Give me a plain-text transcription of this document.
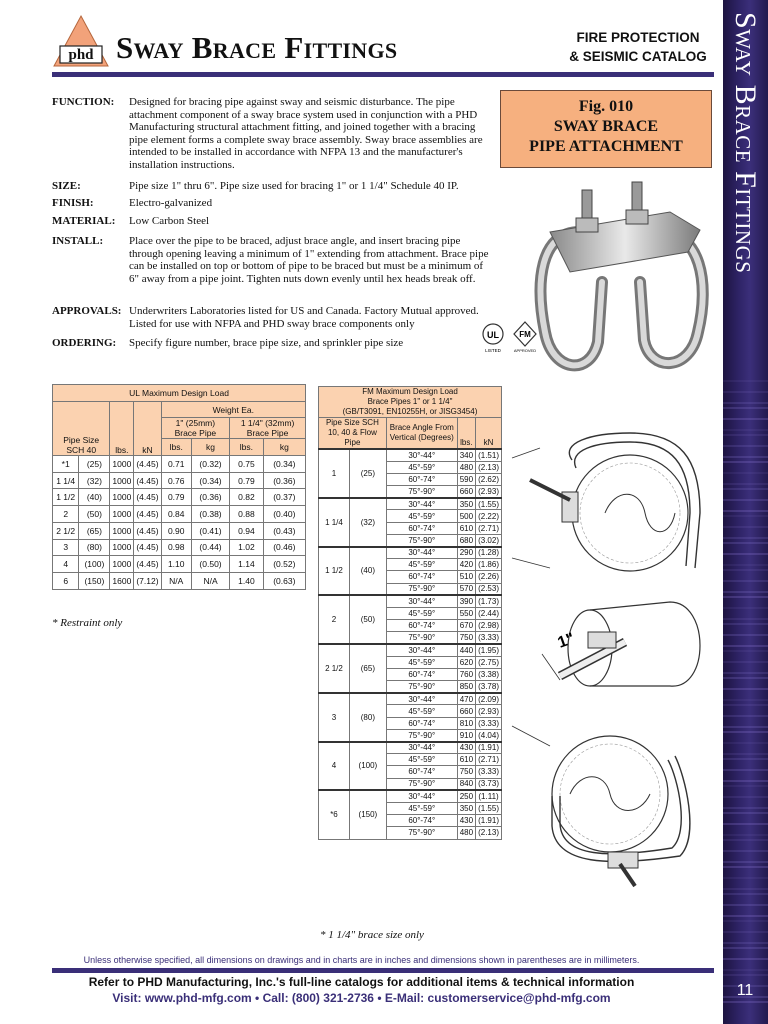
Sway Brace Fittings
11
phd Sway Brace Fittings	FIRE PROTECTION
& SEISMIC CATALOG
FUNCTION:	Designed for bracing pipe against sway and seismic disturbance. The pipe attachment component of a sway brace system used in conjunction with a PHD Manufacturing structural attachment fitting, and joined together with a bracing pipe element forms a complete sway brace assembly. Sway brace assemblies are intended to be installed in accordance with NFPA 13 and the manufacturer's installation instructions.
SIZE:	Pipe size 1" thru 6". Pipe size used for bracing 1" or 1 1/4" Schedule 40 IP.
FINISH:	Electro-galvanized
MATERIAL:	Low Carbon Steel
INSTALL:	Place over the pipe to be braced, adjust brace angle, and insert bracing pipe through opening leaving a minimum of 1" extending from attachment. Brace pipe can be installed on top or bottom of pipe to be braced but must be a minimum of 6" away from a pipe joint. Tighten nuts down evenly until hex heads break off.
APPROVALS: Underwriters Laboratories listed for US and Canada. Factory Mutual approved. Listed for use with NFPA and PHD sway brace components only
ORDERING:	Specify figure number, brace pipe size, and sprinkler pipe size
Fig. 010
SWAY BRACE
PIPE ATTACHMENT
UL
LISTED
FM
APPROVED
UL Maximum Design Load							
Pipe Size SCH 40		lbs.	kN	Weight Ea.			
				1" (25mm) Brace Pipe		1 1/4" (32mm) Brace Pipe	
				lbs.	kg	lbs.	kg
*1	(25)	1000	(4.45)	0.71	(0.32)	0.75	(0.34)
1 1/4	(32)	1000	(4.45)	0.76	(0.34)	0.79	(0.36)
1 1/2	(40)	1000	(4.45)	0.79	(0.36)	0.82	(0.37)
2	(50)	1000	(4.45)	0.84	(0.38)	0.88	(0.40)
2 1/2	(65)	1000	(4.45)	0.90	(0.41)	0.94	(0.43)
3	(80)	1000	(4.45)	0.98	(0.44)	1.02	(0.46)
4	(100)	1000	(4.45)	1.10	(0.50)	1.14	(0.52)
6	(150)	1600	(7.12)	N/A	N/A	1.40	(0.63)
* Restraint only
FM Maximum Design Load
Brace Pipes 1" or 1 1/4"
(GB/T3091, EN10255H, or JISG3454)				

Pipe Size SCH 10, 40 & Flow Pipe		Brace Angle From Vertical (Degrees)	lbs.	kN
1	(25)	30°-44°	340	(1.51)
		45°-59°	480	(2.13)
		60°-74°	590	(2.62)
		75°-90°	660	(2.93)
1 1/4	(32)	30°-44°	350	(1.55)
		45°-59°	500	(2.22)
		60°-74°	610	(2.71)
		75°-90°	680	(3.02)
1 1/2	(40)	30°-44°	290	(1.28)
		45°-59°	420	(1.86)
		60°-74°	510	(2.26)
		75°-90°	570	(2.53)
2	(50)	30°-44°	390	(1.73)
		45°-59°	550	(2.44)
		60°-74°	670	(2.98)
		75°-90°	750	(3.33)
2 1/2	(65)	30°-44°	440	(1.95)
		45°-59°	620	(2.75)
		60°-74°	760	(3.38)
		75°-90°	850	(3.78)
3	(80)	30°-44°	470	(2.09)
		45°-59°	660	(2.93)
		60°-74°	810	(3.33)
		75°-90°	910	(4.04)
4	(100)	30°-44°	430	(1.91)
		45°-59°	610	(2.71)
		60°-74°	750	(3.33)
		75°-90°	840	(3.73)
*6	(150)	30°-44°	250	(1.11)
		45°-59°	350	(1.55)
		60°-74°	430	(1.91)
		75°-90°	480	(2.13)
* 1 1/4" brace size only
1"
Unless otherwise specified, all dimensions on drawings and in charts are in inches and dimensions shown in parentheses are in millimeters.
Refer to PHD Manufacturing, Inc.'s full-line catalogs for additional items & technical information
Visit: www.phd-mfg.com • Call: (800) 321-2736 • E-Mail: customerservice@phd-mfg.com
